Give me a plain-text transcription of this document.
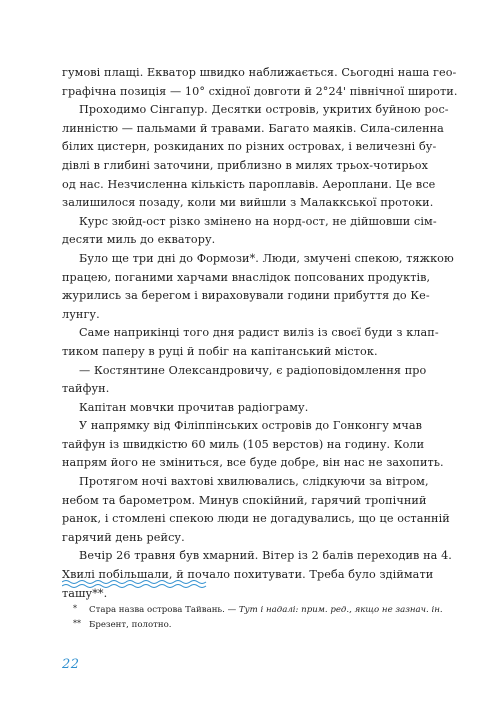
гумові плащі. Екватор швидко наближається. Сьогодні наша гео-
графічна позиція — 10° східної довготи й 2°24' північної широти.
Проходимо Сінгапур. Десятки островів, укритих буйною рос-
линністю — пальмами й травами. Багато маяків. Сила-силенна
білих цистерн, розкиданих по різних островах, і величезні бу-
дівлі в глибині заточини, приблизно в милях трьох-чотирьох
од нас. Незчисленна кількість пароплавів. Аероплани. Це все
залишилося позаду, коли ми вийшли з Малаккської протоки.
Курс зюйд-ост різко змінено на норд-ост, не дійшовши сім-
десяти миль до екватору.
Було ще три дні до Формози*. Люди, змучені спекою, тяжкою
працею, поганими харчами внаслідок попсованих продуктів,
журились за берегом і вираховували години прибуття до Ке-
лунгу.
Саме наприкінці того дня радист виліз із своєї буди з клап-
тиком паперу в руці й побіг на капітанський місток.
— Костянтине Олександровичу, є радіоповідомлення про
тайфун.
Капітан мовчки прочитав радіограму.
У напрямку від Філіппінських островів до Гонконгу мчав
тайфун із швидкістю 60 миль (105 верстов) на годину. Коли
напрям його не зміниться, все буде добре, він нас не захопить.
Протягом ночі вахтові хвилювались, слідкуючи за вітром,
небом та барометром. Минув спокійний, гарячий тропічний
ранок, і стомлені спекою люди не догадувались, що це останній
гарячий день рейсу.
Вечір 26 травня був хмарний. Вітер із 2 балів переходив на 4.
Хвилі побільшали, й почало похитувати. Треба було здіймати
ташу**.
* Стара назва острова Тайвань. — Тут і надалі: прим. ред., якщо не зазнач. ін.
** Брезент, полотно.
22
